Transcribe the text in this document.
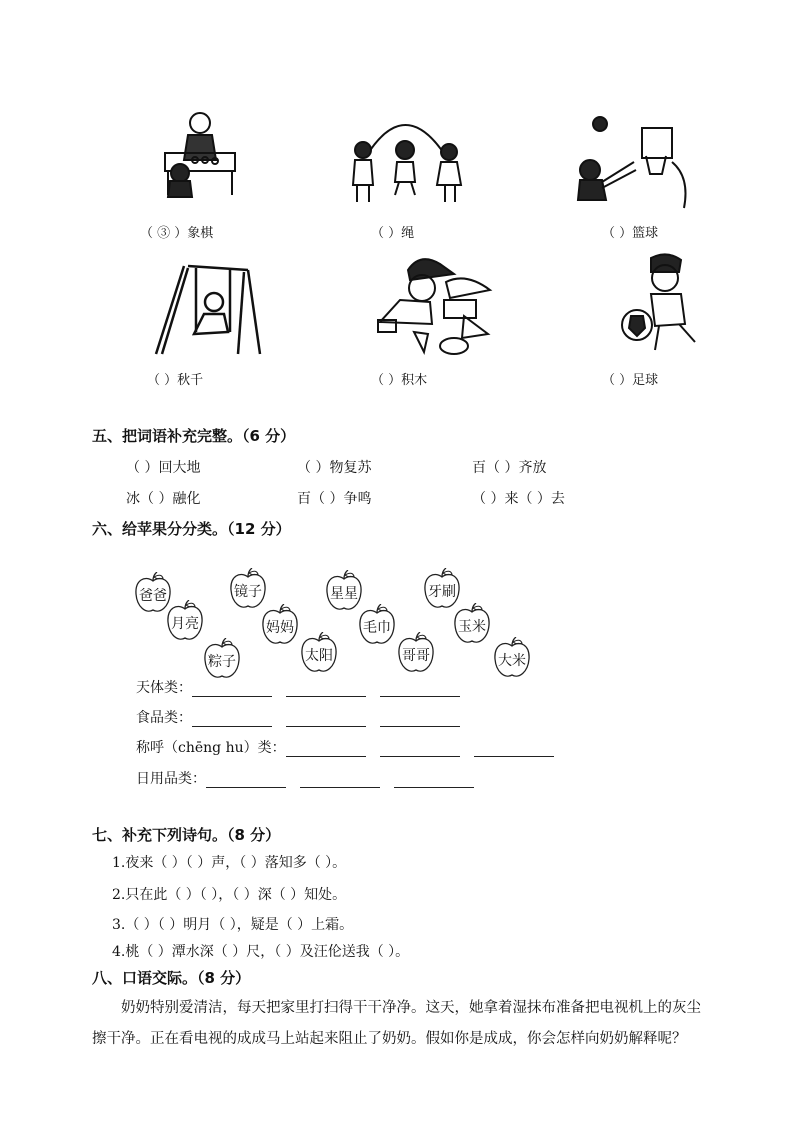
（ ③ ）象棋	（ ）绳	（ ）篮球
（ ）秋千	（ ）积木	（ ）足球
五、把词语补充完整。（6 分）
（ ）回大地	（ ）物复苏	百（ ）齐放
冰（ ）融化	百（ ）争鸣	（ ）来（ ）去
六、给苹果分分类。（12 分）
爸爸	镜子	星星	牙刷
月亮	妈妈	毛巾	玉米
粽子	太阳	哥哥	大米
天体类：
食品类：
称呼（chēng hu）类：
日用品类：
七、补充下列诗句。（8 分）
1.夜来（ ）（ ）声，（ ）落知多（ ）。
2.只在此（ ）（ ），（ ）深（ ）知处。
3.（ ）（ ）明月（ ），疑是（ ）上霜。
4.桃（ ）潭水深（ ）尺，（ ）及汪伦送我（ ）。
八、口语交际。（8 分）
奶奶特别爱清洁，每天把家里打扫得干干净净。这天，她拿着湿抹布准备把电视机上的灰尘擦干净。正在看电视的成成马上站起来阻止了奶奶。假如你是成成，你会怎样向奶奶解释呢？
